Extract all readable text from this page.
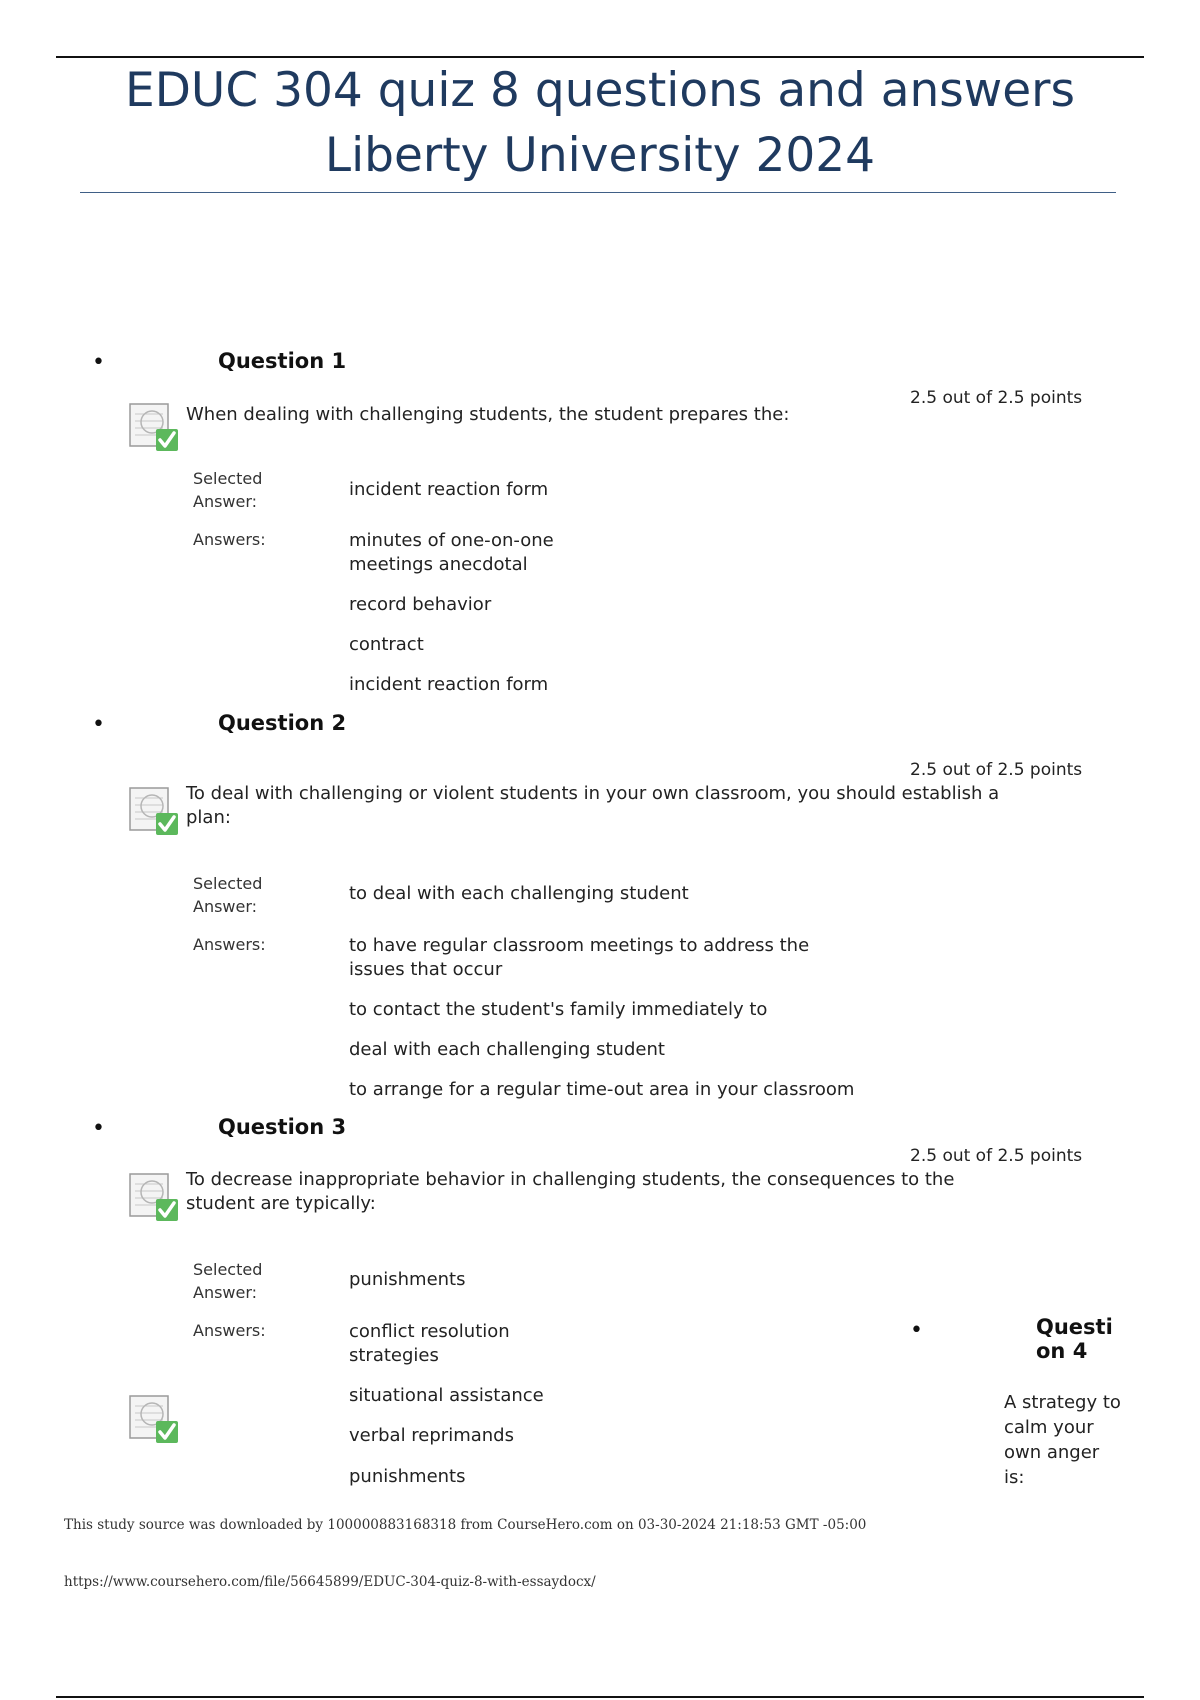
EDUC 304 quiz 8 questions and answers Liberty University 2024
•	Question 1
2.5 out of 2.5 points
When dealing with challenging students, the student prepares the:
Selected Answer:
incident reaction form
Answers:	minutes of one-on-one meetings anecdotal
record behavior
contract
incident reaction form
•	Question 2
2.5 out of 2.5 points
To deal with challenging or violent students in your own classroom, you should establish a plan:
Selected Answer:
to deal with each challenging student
Answers:	to have regular classroom meetings to address the issues that occur
to contact the student's family immediately to
deal with each challenging student
to arrange for a regular time-out area in your classroom
•	Question 3
2.5 out of 2.5 points
To decrease inappropriate behavior in challenging students, the consequences to the student are typically:
Selected Answer:
punishments
Answers:	conflict resolution strategies
situational assistance
verbal reprimands
punishments
•	Questi on 4
A strategy to calm your own anger is:
This study source was downloaded by 100000883168318 from CourseHero.com on 03-30-2024 21:18:53 GMT -05:00
https://www.coursehero.com/file/56645899/EDUC-304-quiz-8-with-essaydocx/
